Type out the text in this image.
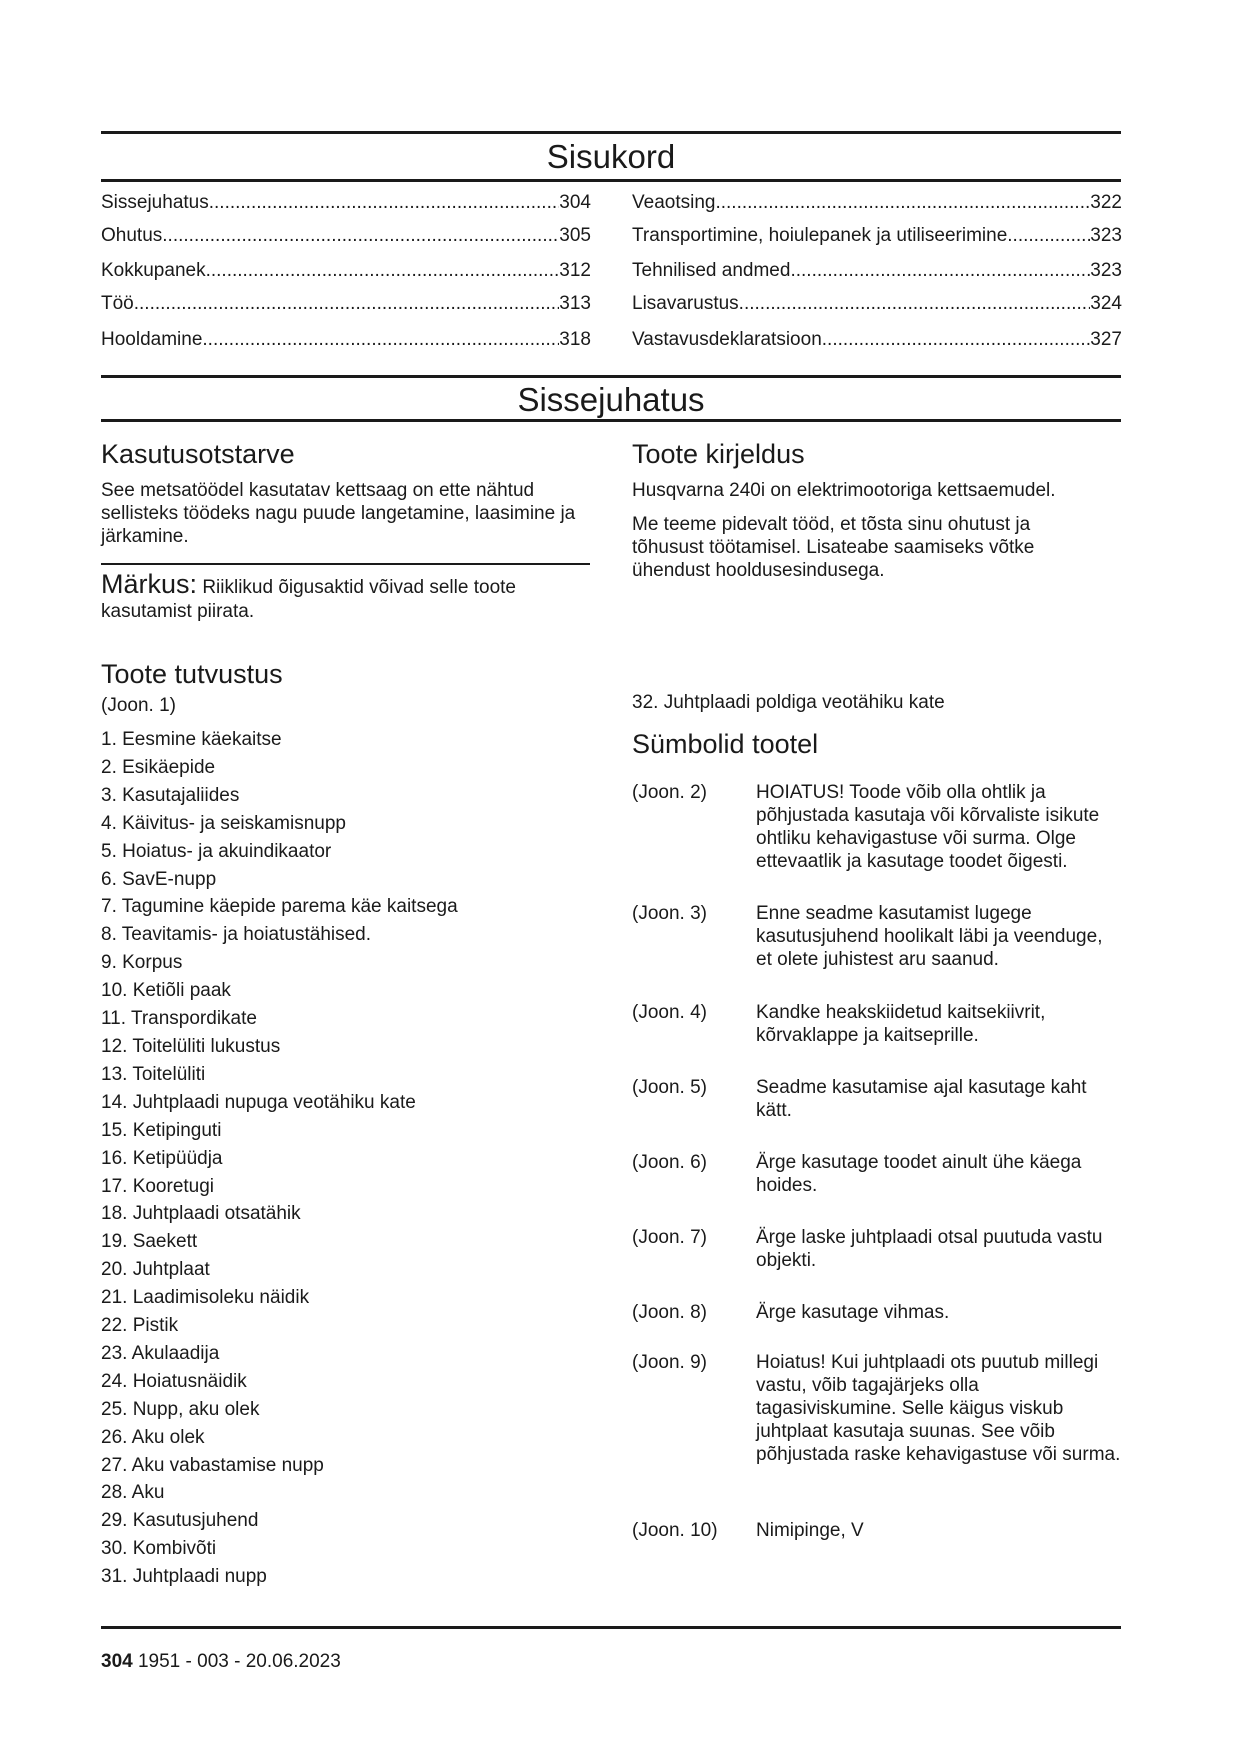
Sisukord
Sissejuhatus .....	304
Ohutus .....	305
Kokkupanek .....	312
Töö .....	313
Hooldamine .....	318
Veaotsing .....	322
Transportimine, hoiulepanek ja utiliseerimine .....	323
Tehnilised andmed .....	323
Lisavarustus .....	324
Vastavusdeklaratsioon .....	327
Sissejuhatus
Kasutusotstarve

See metsatöödel kasutatav kettsaag on ette nähtud sellisteks töödeks nagu puude langetamine, laasimine ja järkamine.

Märkus: Riiklikud õigusaktid võivad selle toote kasutamist piirata.

Toote kirjeldus

Husqvarna 240i on elektrimootoriga kettsaemudel.

Me teeme pidevalt tööd, et tõsta sinu ohutust ja tõhusust töötamisel. Lisateabe saamiseks võtke ühendust hooldusesindusega.

Toote tutvustus

(Joon. 1)

1. Eesmine käekaitse
2. Esikäepide
3. Kasutajaliides
4. Käivitus- ja seiskamisnupp
5. Hoiatus- ja akuindikaator
6. SavE-nupp
7. Tagumine käepide parema käe kaitsega
8. Teavitamis- ja hoiatustähised.
9. Korpus
10. Ketiõli paak
11. Transpordikate
12. Toitelüliti lukustus
13. Toitelüliti
14. Juhtplaadi nupuga veotähiku kate
15. Ketipinguti
16. Ketipüüdja
17. Kooretugi
18. Juhtplaadi otsatähik
19. Saekett
20. Juhtplaat
21. Laadimisoleku näidik
22. Pistik
23. Akulaadija
24. Hoiatusnäidik
25. Nupp, aku olek
26. Aku olek
27. Aku vabastamise nupp
28. Aku
29. Kasutusjuhend
30. Kombivõti
31. Juhtplaadi nupp
32. Juhtplaadi poldiga veotähiku kate
Sümbolid tootel
(Joon. 2)	HOIATUS! Toode võib olla ohtlik ja põhjustada kasutaja või kõrvaliste isikute ohtliku kehavigastuse või surma. Olge ettevaatlik ja kasutage toodet õigesti.
(Joon. 3)	Enne seadme kasutamist lugege kasutusjuhend hoolikalt läbi ja veenduge, et olete juhistest aru saanud.
(Joon. 4)	Kandke heakskiidetud kaitsekiivrit, kõrvaklappe ja kaitseprille.
(Joon. 5)	Seadme kasutamise ajal kasutage kaht kätt.
(Joon. 6)	Ärge kasutage toodet ainult ühe käega hoides.
(Joon. 7)	Ärge laske juhtplaadi otsal puutuda vastu objekti.
(Joon. 8)	Ärge kasutage vihmas.
(Joon. 9)	Hoiatus! Kui juhtplaadi ots puutub millegi vastu, võib tagajärjeks olla tagasiviskumine. Selle käigus viskub juhtplaat kasutaja suunas. See võib põhjustada raske kehavigastuse või surma.
(Joon. 10)	Nimipinge, V
304 1951 - 003 - 20.06.2023
